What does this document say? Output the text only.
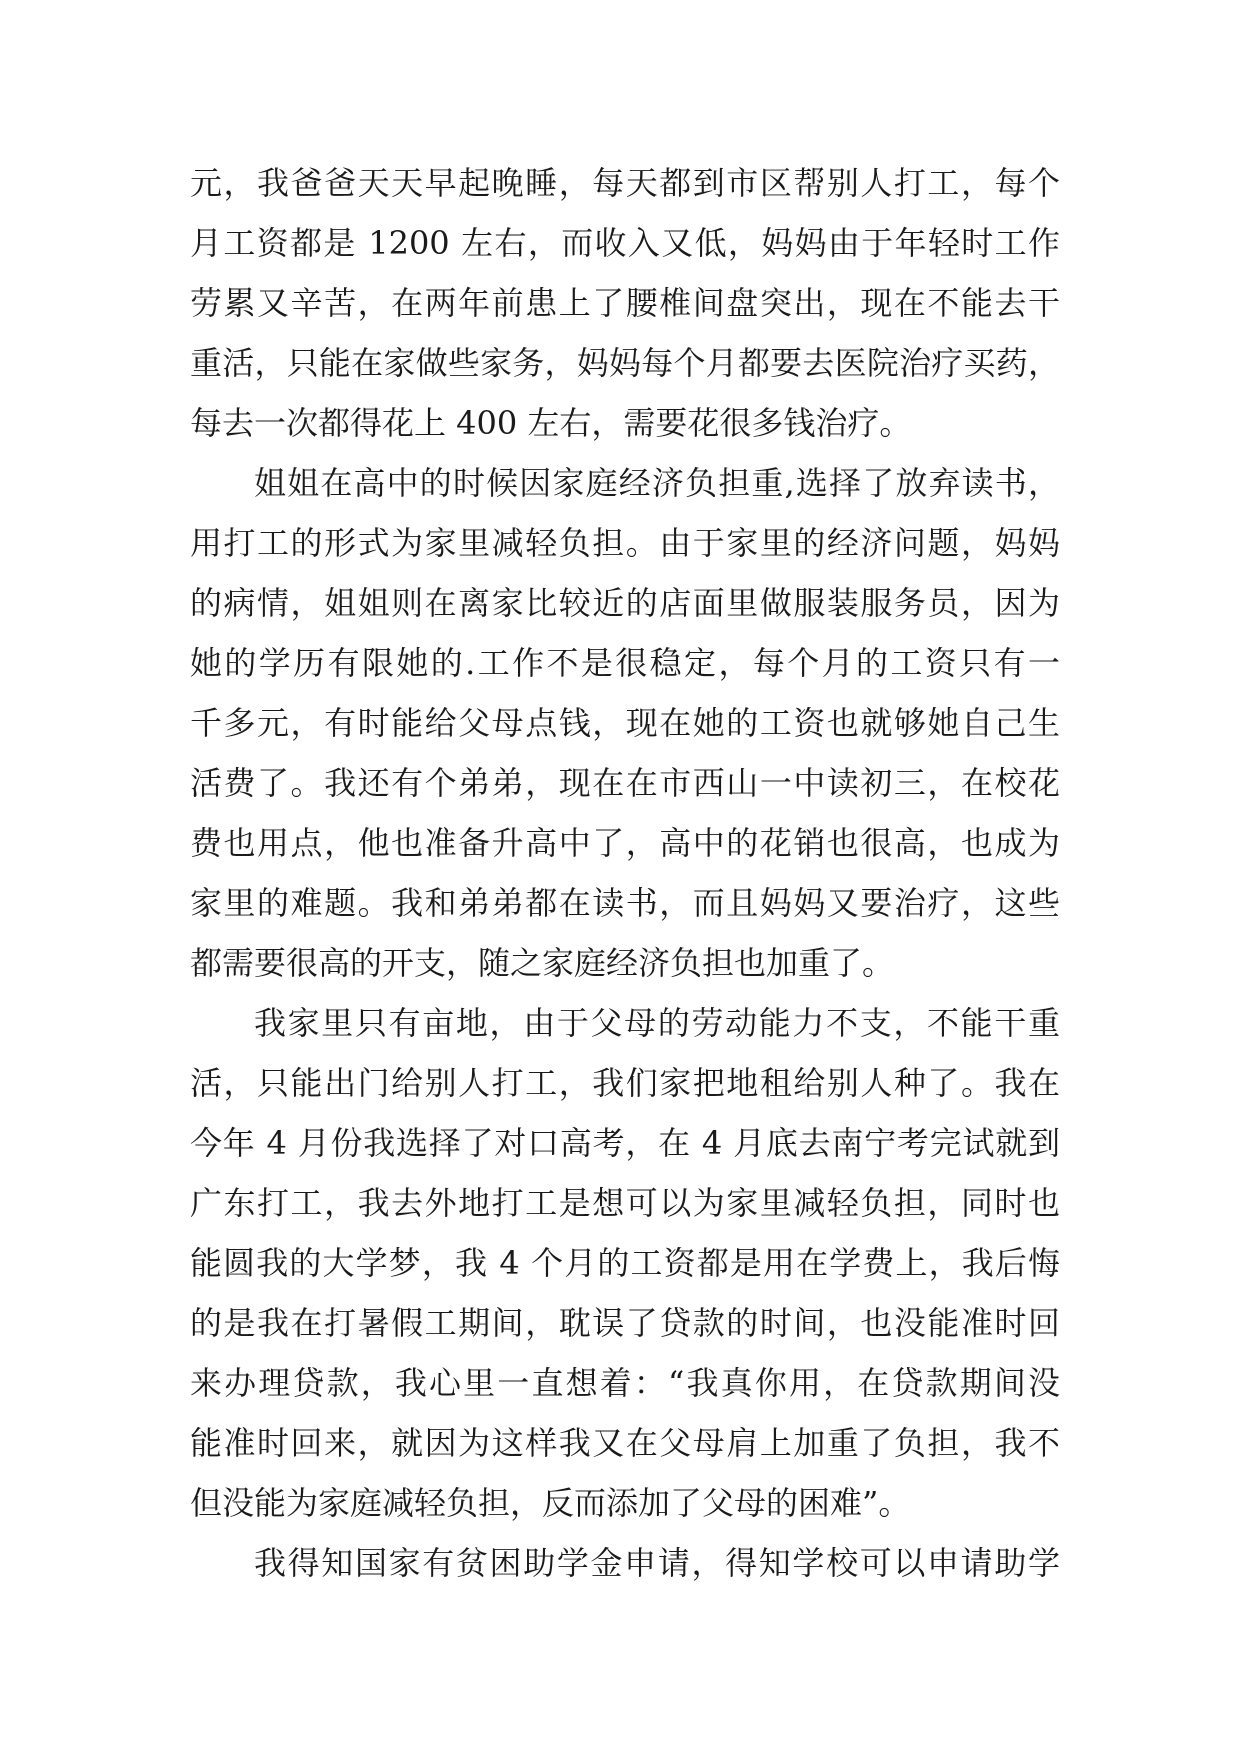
元，我爸爸天天早起晚睡，每天都到市区帮别人打工，每个
月工资都是 1200 左右，而收入又低，妈妈由于年轻时工作
劳累又辛苦，在两年前患上了腰椎间盘突出，现在不能去干
重活，只能在家做些家务，妈妈每个月都要去医院治疗买药，
每去一次都得花上 400 左右，需要花很多钱治疗。
姐姐在高中的时候因家庭经济负担重,选择了放弃读书，
用打工的形式为家里减轻负担。由于家里的经济问题，妈妈
的病情，姐姐则在离家比较近的店面里做服装服务员，因为
她的学历有限她的.工作不是很稳定，每个月的工资只有一
千多元，有时能给父母点钱，现在她的工资也就够她自己生
活费了。我还有个弟弟，现在在市西山一中读初三，在校花
费也用点，他也准备升高中了，高中的花销也很高，也成为
家里的难题。我和弟弟都在读书，而且妈妈又要治疗，这些
都需要很高的开支，随之家庭经济负担也加重了。
我家里只有亩地，由于父母的劳动能力不支，不能干重
活，只能出门给别人打工，我们家把地租给别人种了。我在
今年 4 月份我选择了对口高考，在 4 月底去南宁考完试就到
广东打工，我去外地打工是想可以为家里减轻负担，同时也
能圆我的大学梦，我 4 个月的工资都是用在学费上，我后悔
的是我在打暑假工期间，耽误了贷款的时间，也没能准时回
来办理贷款，我心里一直想着：“我真你用，在贷款期间没
能准时回来，就因为这样我又在父母肩上加重了负担，我不
但没能为家庭减轻负担，反而添加了父母的困难”。
我得知国家有贫困助学金申请，得知学校可以申请助学
